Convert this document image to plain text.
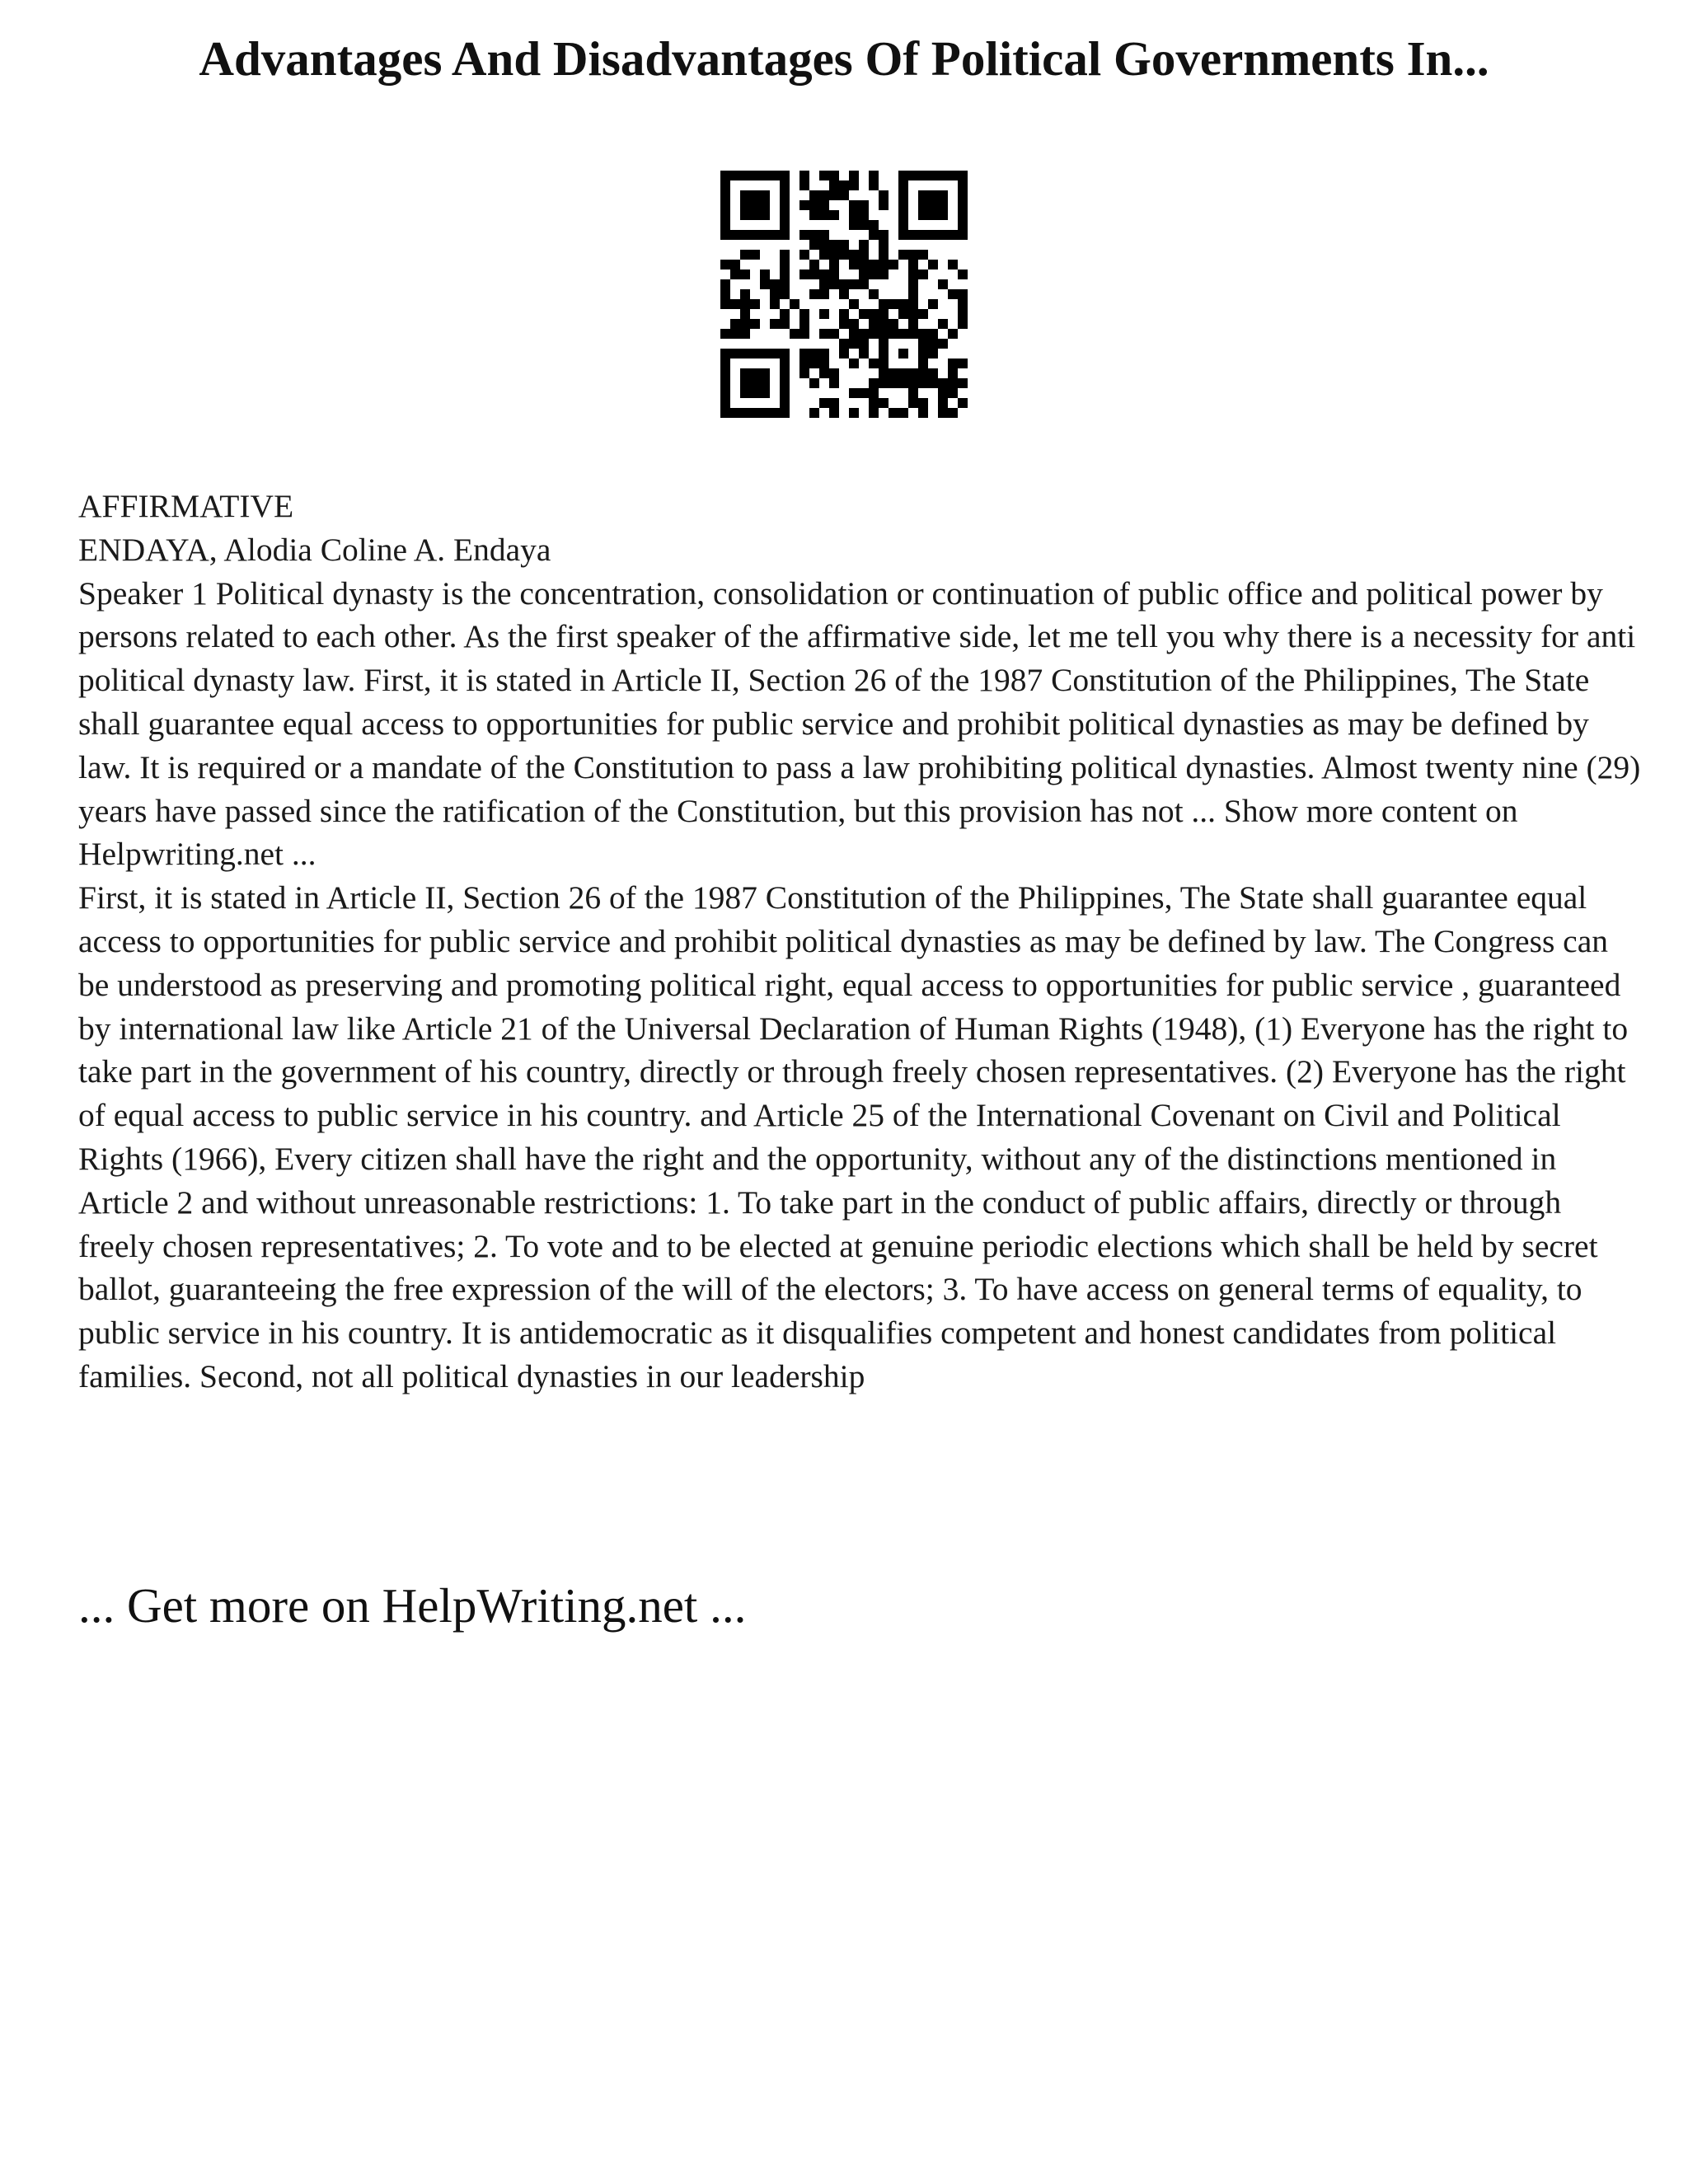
Advantages And Disadvantages Of Political Governments In...

AFFIRMATIVE

ENDAYA, Alodia Coline A. Endaya

Speaker 1 Political dynasty is the concentration, consolidation or continuation of public office and political power by persons related to each other. As the first speaker of the affirmative side, let me tell you why there is a necessity for anti political dynasty law. First, it is stated in Article II, Section 26 of the 1987 Constitution of the Philippines, The State shall guarantee equal access to opportunities for public service and prohibit political dynasties as may be defined by law. It is required or a mandate of the Constitution to pass a law prohibiting political dynasties. Almost twenty nine (29) years have passed since the ratification of the Constitution, but this provision has not ... Show more content on Helpwriting.net ...

First, it is stated in Article II, Section 26 of the 1987 Constitution of the Philippines, The State shall guarantee equal access to opportunities for public service and prohibit political dynasties as may be defined by law. The Congress can be understood as preserving and promoting political right, equal access to opportunities for public service , guaranteed by international law like Article 21 of the Universal Declaration of Human Rights (1948), (1) Everyone has the right to take part in the government of his country, directly or through freely chosen representatives. (2) Everyone has the right of equal access to public service in his country. and Article 25 of the International Covenant on Civil and Political Rights (1966), Every citizen shall have the right and the opportunity, without any of the distinctions mentioned in Article 2 and without unreasonable restrictions: 1. To take part in the conduct of public affairs, directly or through freely chosen representatives; 2. To vote and to be elected at genuine periodic elections which shall be held by secret ballot, guaranteeing the free expression of the will of the electors; 3. To have access on general terms of equality, to public service in his country. It is antidemocratic as it disqualifies competent and honest candidates from political families. Second, not all political dynasties in our leadership

... Get more on HelpWriting.net ...
